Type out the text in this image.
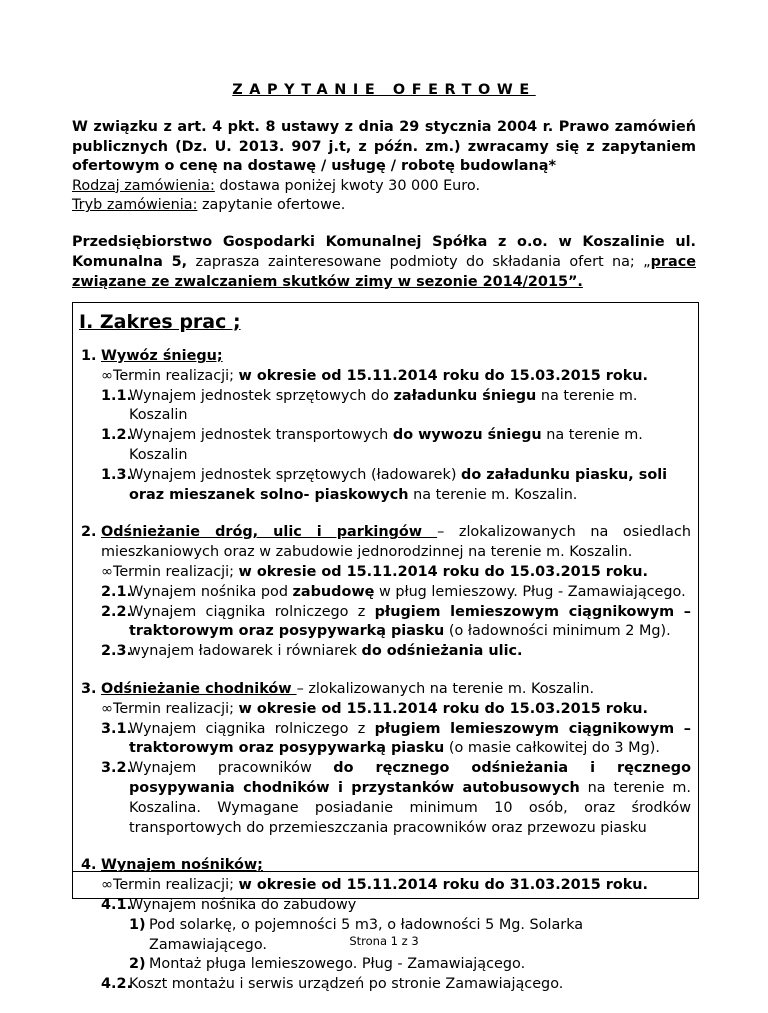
ZAPYTANIE OFERTOWE
W związku z art. 4 pkt. 8 ustawy z dnia 29 stycznia 2004 r. Prawo zamówień publicznych (Dz. U. 2013. 907 j.t, z późn. zm.) zwracamy się z zapytaniem ofertowym o cenę na dostawę / usługę / robotę budowlaną*
Rodzaj zamówienia: dostawa poniżej kwoty 30 000 Euro.
Tryb zamówienia: zapytanie ofertowe.
Przedsiębiorstwo Gospodarki Komunalnej Spółka z o.o. w Koszalinie ul. Komunalna 5, zaprasza zainteresowane podmioty do składania ofert na; „prace związane ze zwalczaniem skutków zimy w sezonie 2014/2015”.
I. Zakres prac ;
1. Wywóz śniegu;
∞Termin realizacji; w okresie od 15.11.2014 roku do 15.03.2015 roku.
1.1.
Wynajem jednostek sprzętowych do załadunku śniegu na terenie m. Koszalin
1.2.
Wynajem jednostek transportowych do wywozu śniegu na terenie m. Koszalin
1.3.
Wynajem jednostek sprzętowych (ładowarek) do załadunku piasku, soli oraz mieszanek solno- piaskowych na terenie m. Koszalin.
2. Odśnieżanie dróg, ulic i parkingów – zlokalizowanych na osiedlach mieszkaniowych oraz w zabudowie jednorodzinnej na terenie m. Koszalin.
∞Termin realizacji; w okresie od 15.11.2014 roku do 15.03.2015 roku.
2.1.
Wynajem nośnika pod zabudowę w pług lemieszowy. Pług - Zamawiającego.
2.2.
Wynajem ciągnika rolniczego z pługiem lemieszowym ciągnikowym – traktorowym oraz posypywarką piasku (o ładowności minimum 2 Mg).
2.3.
wynajem ładowarek i równiarek do odśnieżania ulic.
3. Odśnieżanie chodników – zlokalizowanych na terenie m. Koszalin.
∞Termin realizacji; w okresie od 15.11.2014 roku do 15.03.2015 roku.
3.1.
Wynajem ciągnika rolniczego z pługiem lemieszowym ciągnikowym – traktorowym oraz posypywarką piasku (o masie całkowitej do 3 Mg).
3.2.
Wynajem pracowników do ręcznego odśnieżania i ręcznego posypywania chodników i przystanków autobusowych na terenie m. Koszalina. Wymagane posiadanie minimum 10 osób, oraz środków transportowych do przemieszczania pracowników oraz przewozu piasku
4. Wynajem nośników;
∞Termin realizacji; w okresie od 15.11.2014 roku do 31.03.2015 roku.
4.1.
Wynajem nośnika do zabudowy
1) Pod solarkę, o pojemności 5 m3, o ładowności 5 Mg. Solarka Zamawiającego.
2) Montaż pługa lemieszowego. Pług - Zamawiającego.
4.2.
Koszt montażu i serwis urządzeń po stronie Zamawiającego.
Strona 1 z 3
